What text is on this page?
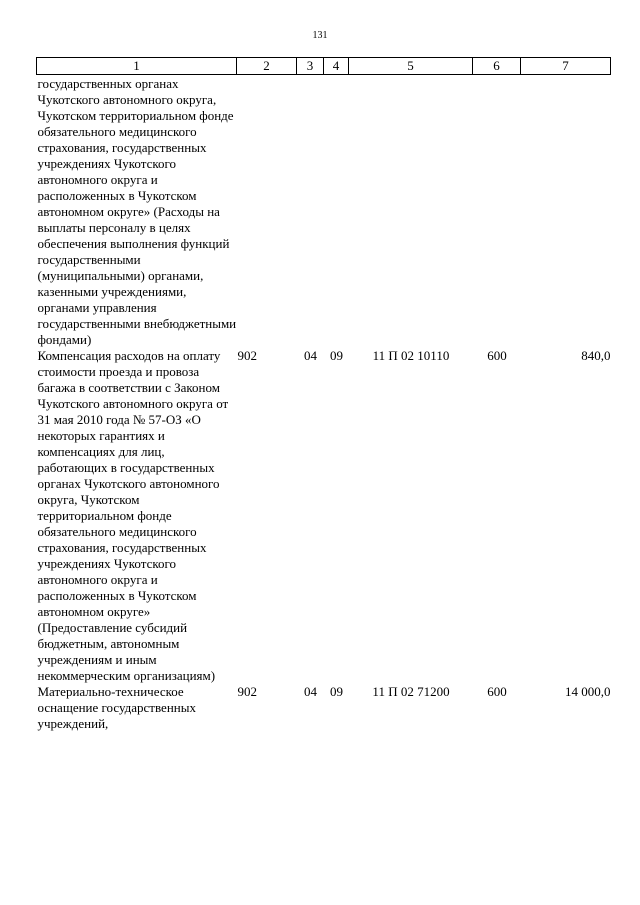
131
1	2	3	4	5	6	7
государственных органах Чукотского автономного округа, Чукотском территориальном фонде обязательного медицинского страхования, государственных учреждениях Чукотского автономного округа и расположенных в Чукотском автономном округе» (Расходы на выплаты персоналу в целях обеспечения выполнения функций государственными (муниципальными) органами, казенными учреждениями, органами управления государственными внебюджетными фондами)						
Компенсация расходов на оплату стоимости проезда и провоза багажа в соответствии с Законом Чукотского автономного округа от 31 мая 2010 года № 57-ОЗ «О некоторых гарантиях и компенсациях для лиц, работающих в государственных органах Чукотского автономного округа, Чукотском территориальном фонде обязательного медицинского страхования, государственных учреждениях Чукотского автономного округа и расположенных в Чукотском автономном округе» (Предоставление субсидий бюджетным, автономным учреждениям и иным некоммерческим организациям)	902	04	09	11 П 02 10110	600	840,0
Материально-техническое оснащение государственных учреждений,	902	04	09	11 П 02 71200	600	14 000,0
